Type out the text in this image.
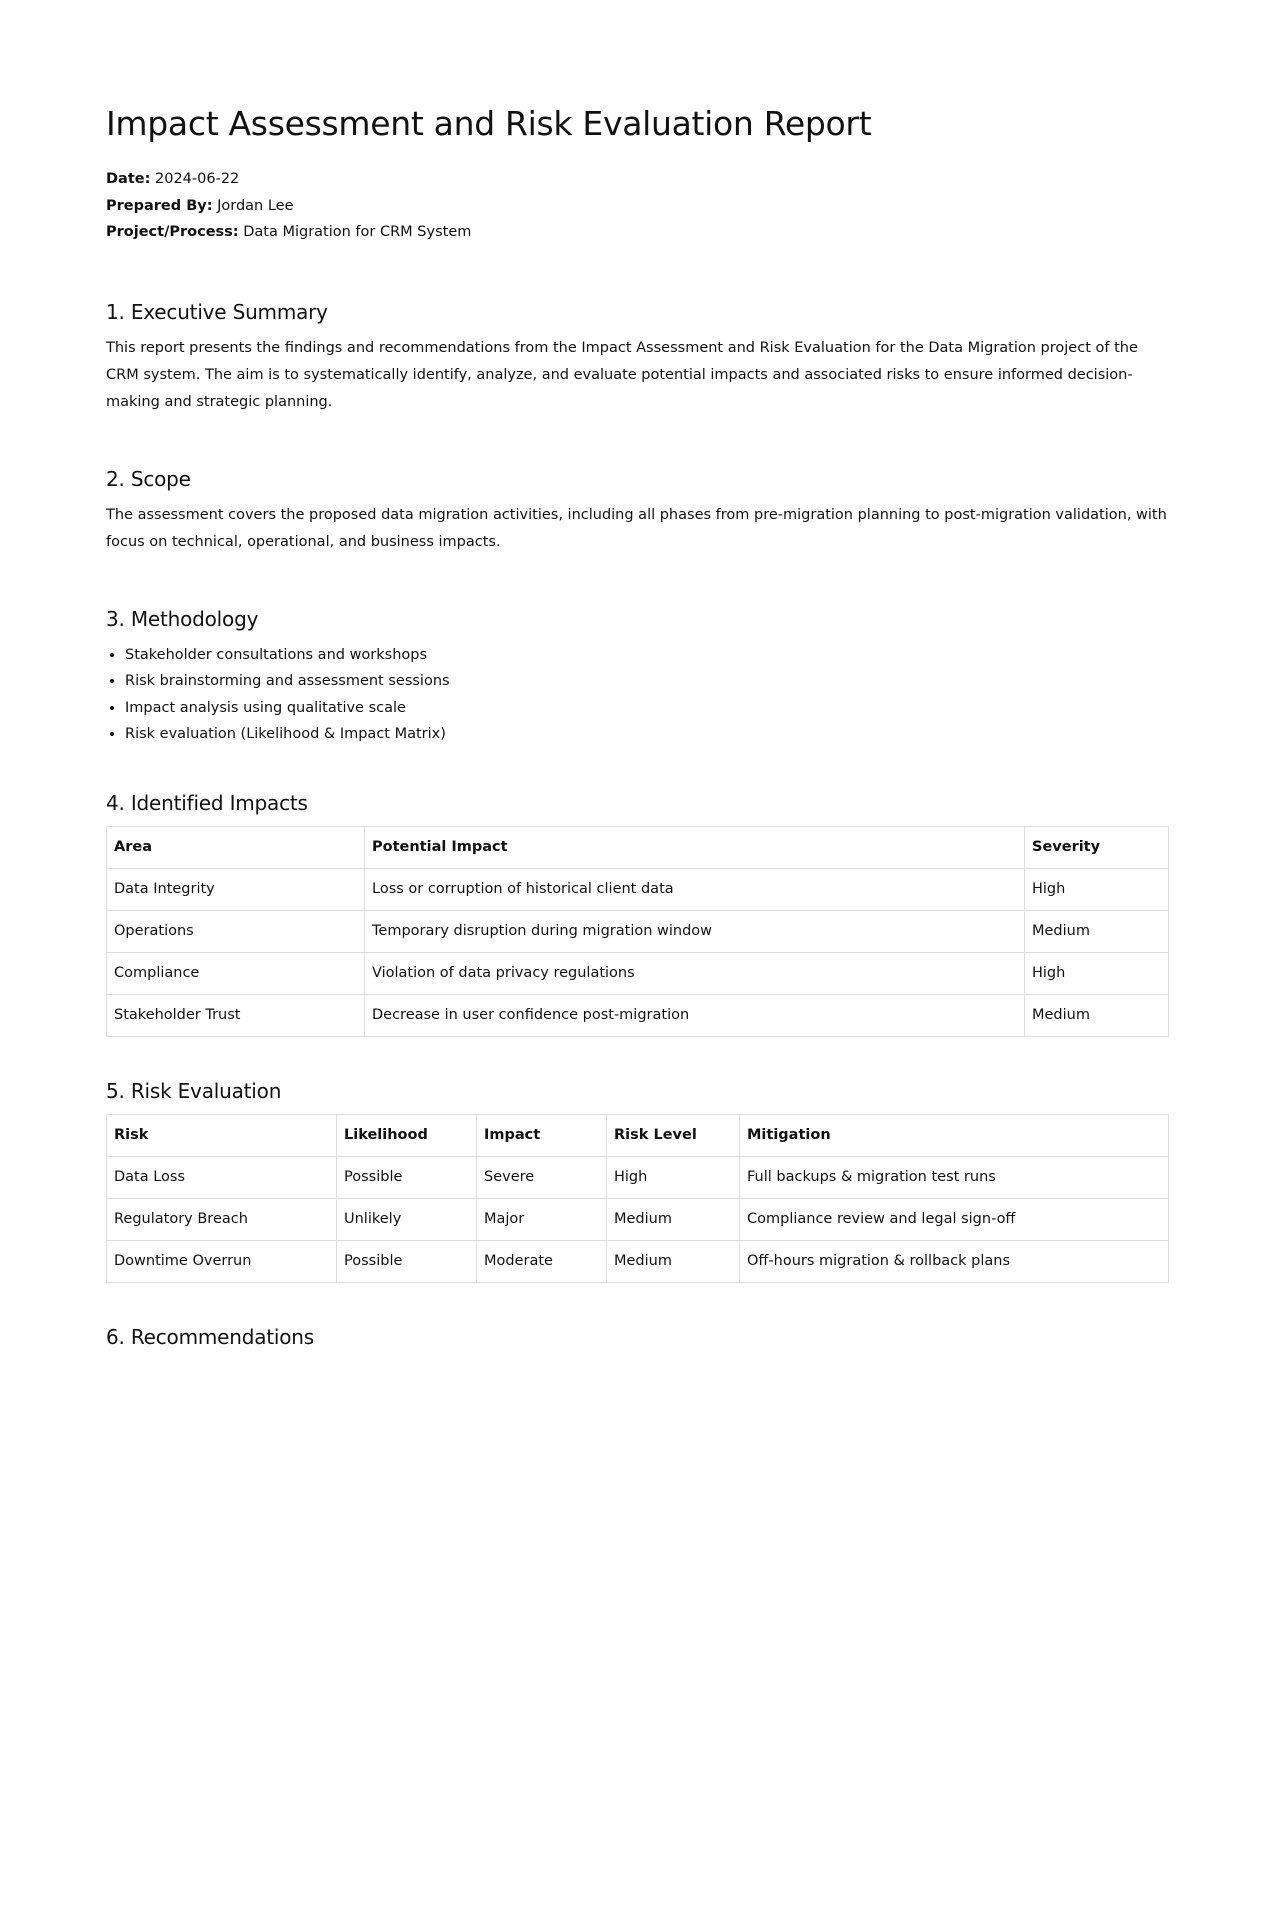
Impact Assessment and Risk Evaluation Report
Date: 2024-06-22
Prepared By: Jordan Lee
Project/Process: Data Migration for CRM System
1. Executive Summary

This report presents the findings and recommendations from the Impact Assessment and Risk Evaluation for the Data Migration project of the CRM system. The aim is to systematically identify, analyze, and evaluate potential impacts and associated risks to ensure informed decision-making and strategic planning.

2. Scope

The assessment covers the proposed data migration activities, including all phases from pre-migration planning to post-migration validation, with focus on technical, operational, and business impacts.

3. Methodology
• Stakeholder consultations and workshops
• Risk brainstorming and assessment sessions
• Impact analysis using qualitative scale
• Risk evaluation (Likelihood & Impact Matrix)
4. Identified Impacts
Area	Potential Impact	Severity
Data Integrity	Loss or corruption of historical client data	High
Operations	Temporary disruption during migration window	Medium
Compliance	Violation of data privacy regulations	High
Stakeholder Trust	Decrease in user confidence post-migration	Medium
5. Risk Evaluation
Risk	Likelihood	Impact	Risk Level	Mitigation
Data Loss	Possible	Severe	High	Full backups & migration test runs
Regulatory Breach	Unlikely	Major	Medium	Compliance review and legal sign-off
Downtime Overrun	Possible	Moderate	Medium	Off-hours migration & rollback plans
6. Recommendations
